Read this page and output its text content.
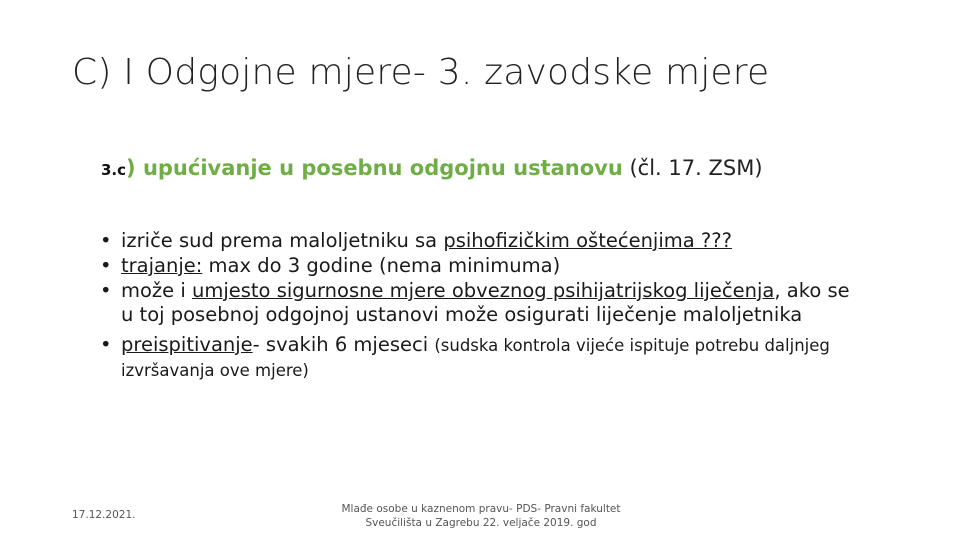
C) I Odgojne mjere- 3. zavodske mjere
3.c) upućivanje u posebnu odgojnu ustanovu (čl. 17. ZSM)
• izriče sud prema maloljetniku sa psihofizičkim oštećenjima ???
• trajanje: max do 3 godine (nema minimuma)
• može i umjesto sigurnosne mjere obveznog psihijatrijskog liječenja, ako se u toj posebnoj odgojnoj ustanovi može osigurati liječenje maloljetnika
• preispitivanje- svakih 6 mjeseci (sudska kontrola vijeće ispituje potrebu daljnjeg izvršavanja ove mjere)
17.12.2021.	Mlađe osobe u kaznenom pravu- PDS- Pravni fakultet Sveučilišta u Zagrebu 22. veljače 2019. god
